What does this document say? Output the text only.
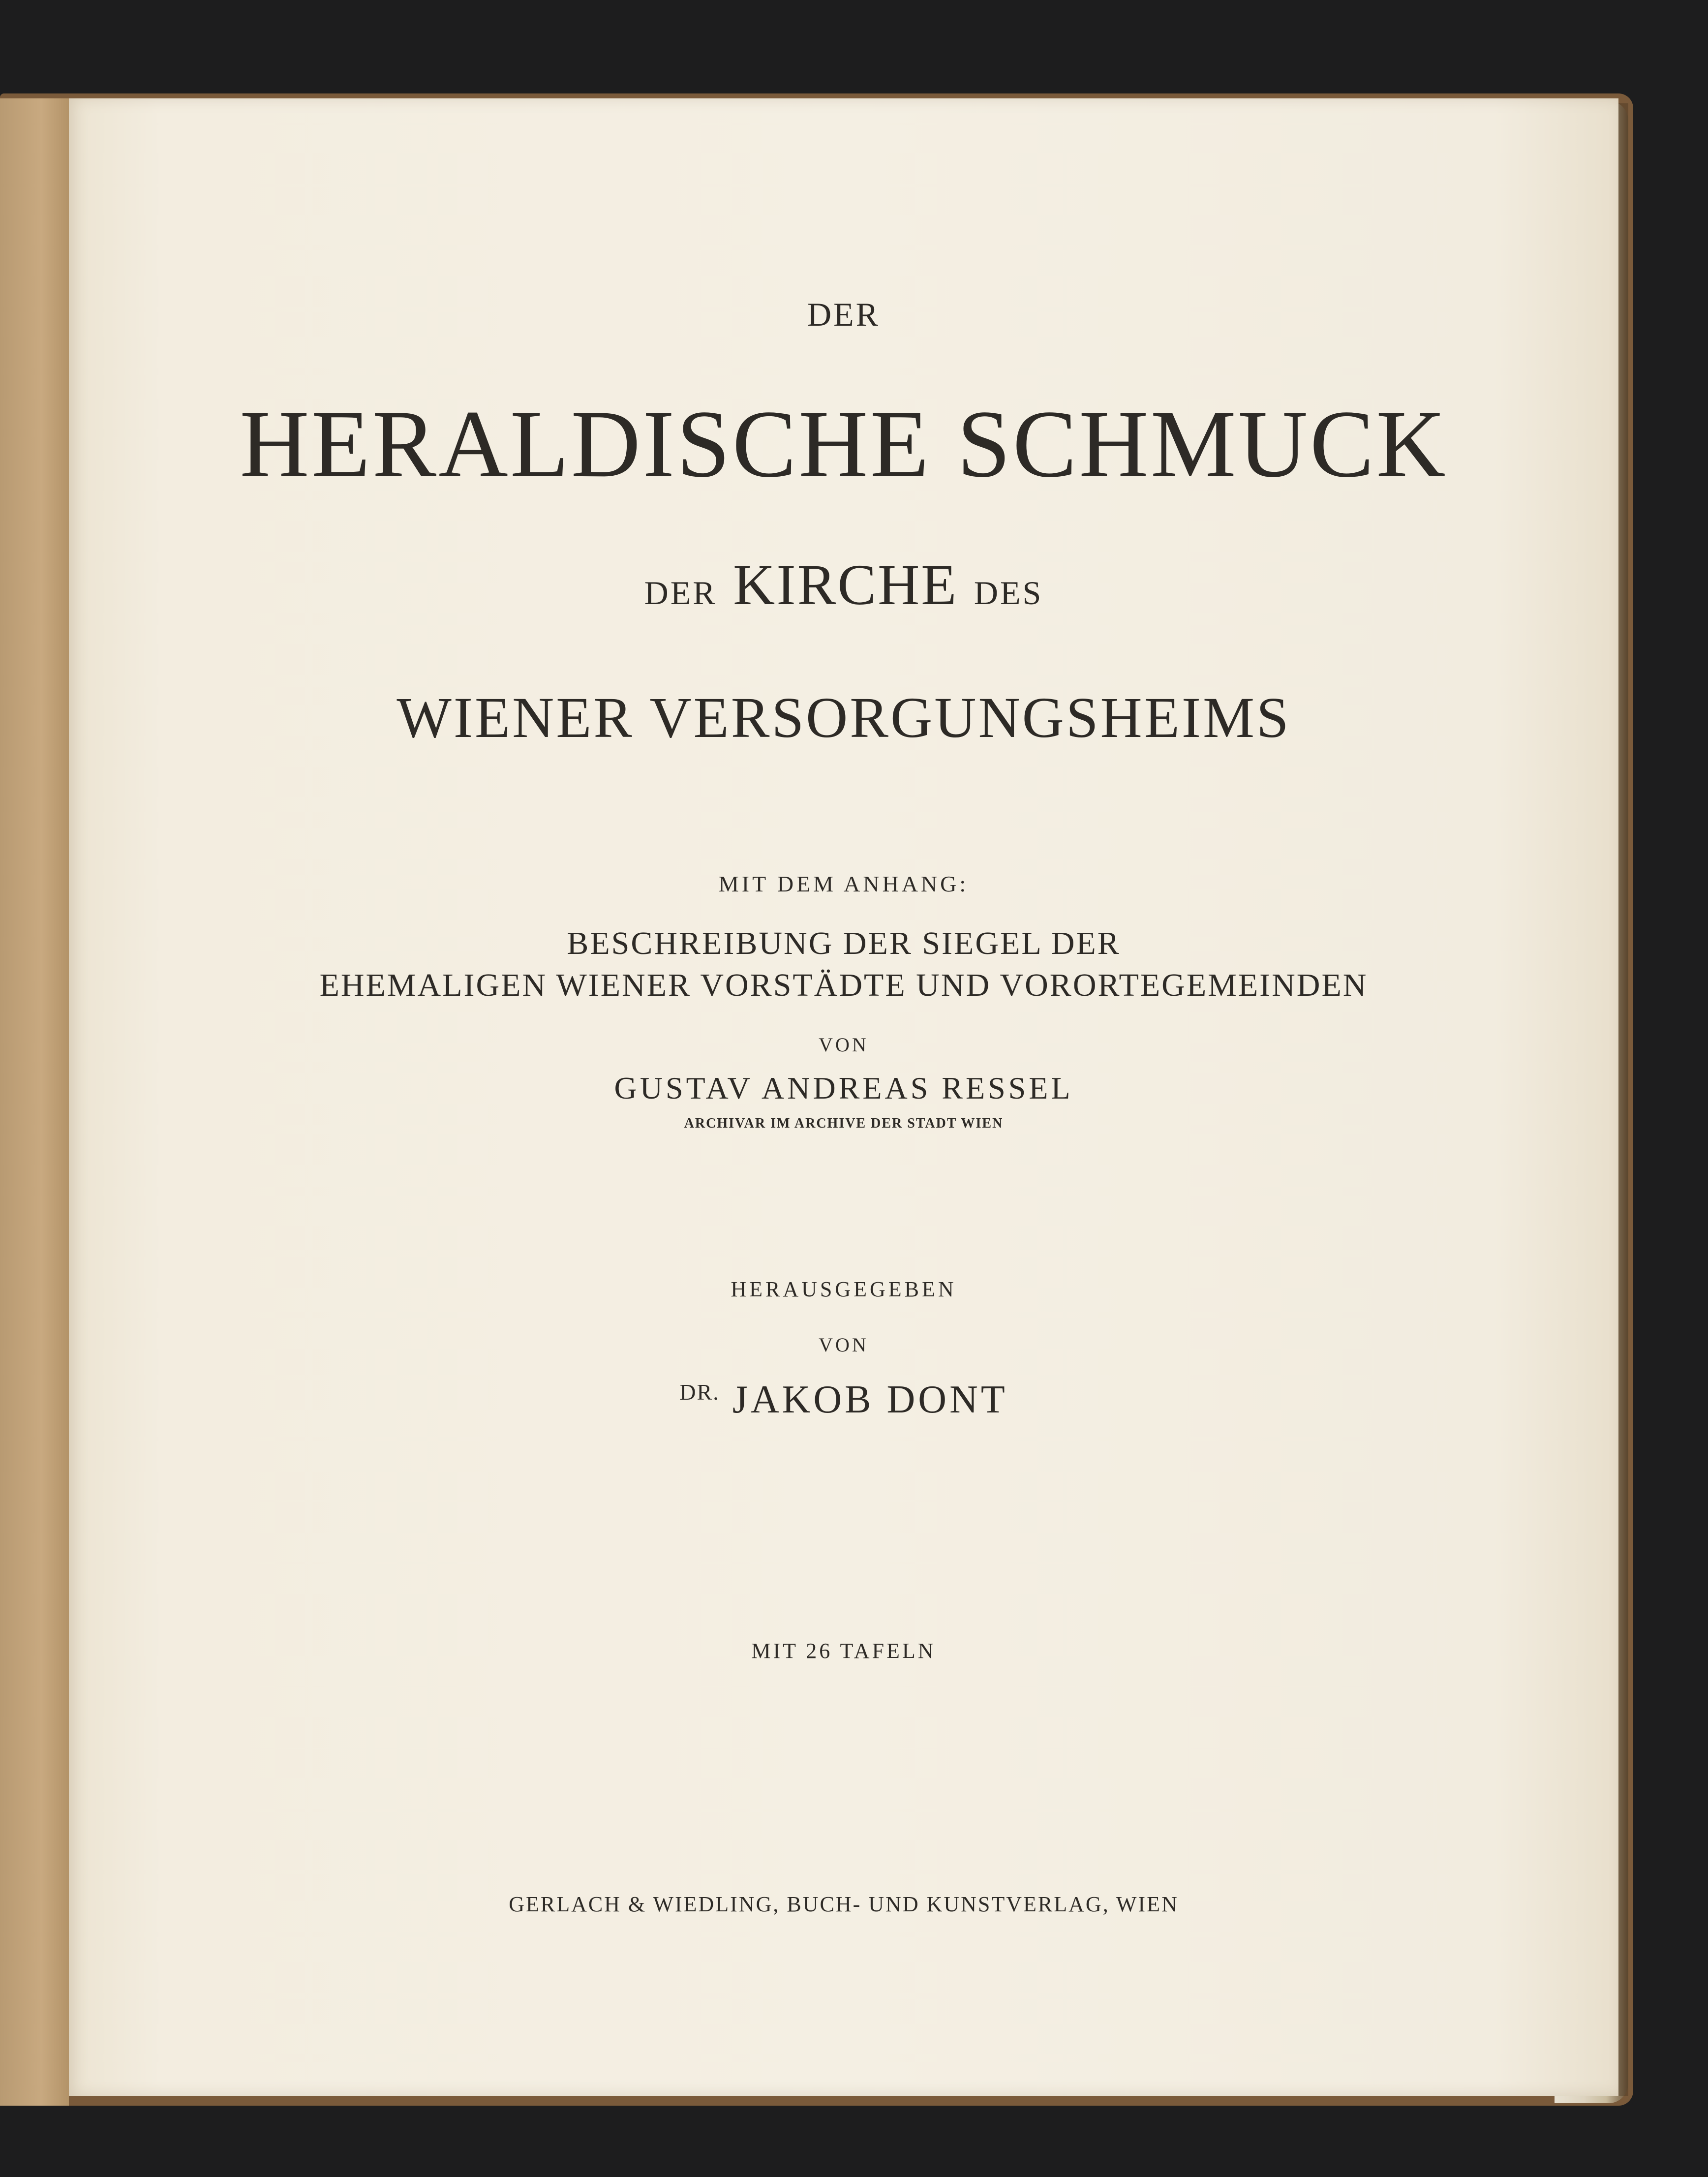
DER
HERALDISCHE SCHMUCK
DER KIRCHE DES
WIENER VERSORGUNGSHEIMS
MIT DEM ANHANG:
BESCHREIBUNG DER SIEGEL DER
EHEMALIGEN WIENER VORSTÄDTE UND VORORTEGEMEINDEN
VON
GUSTAV ANDREAS RESSEL
ARCHIVAR IM ARCHIVE DER STADT WIEN
HERAUSGEGEBEN
VON
$^{DR.}$ JAKOB DONT
MIT 26 TAFELN
GERLACH & WIEDLING, BUCH- UND KUNSTVERLAG, WIEN
